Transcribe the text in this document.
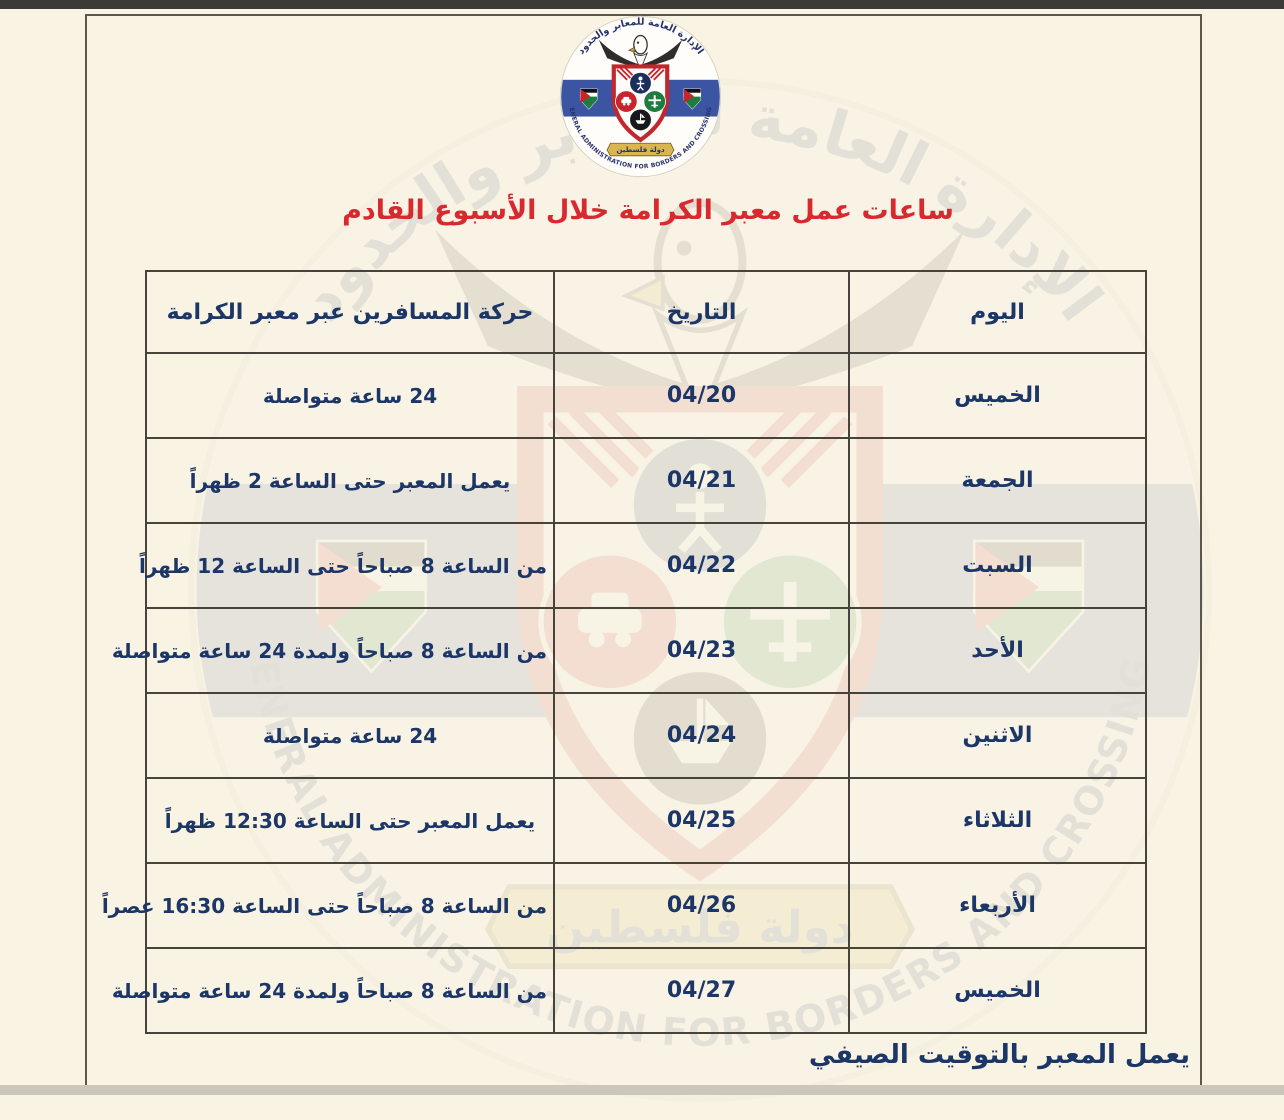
ساعات عمل معبر الكرامة خلال الأسبوع القادم
اليوم	التاريخ	حركة المسافرين عبر معبر الكرامة
الخميس	04/20	24 ساعة متواصلة
الجمعة	04/21	يعمل المعبر حتى الساعة 2 ظهراً
السبت	04/22	من الساعة 8 صباحاً حتى الساعة 12 ظهراً
الأحد	04/23	من الساعة 8 صباحاً ولمدة 24 ساعة متواصلة
الاثنين	04/24	24 ساعة متواصلة
الثلاثاء	04/25	يعمل المعبر حتى الساعة 12:30 ظهراً
الأربعاء	04/26	من الساعة 8 صباحاً حتى الساعة 16:30 عصراً
الخميس	04/27	من الساعة 8 صباحاً ولمدة 24 ساعة متواصلة
يعمل المعبر بالتوقيت الصيفي
